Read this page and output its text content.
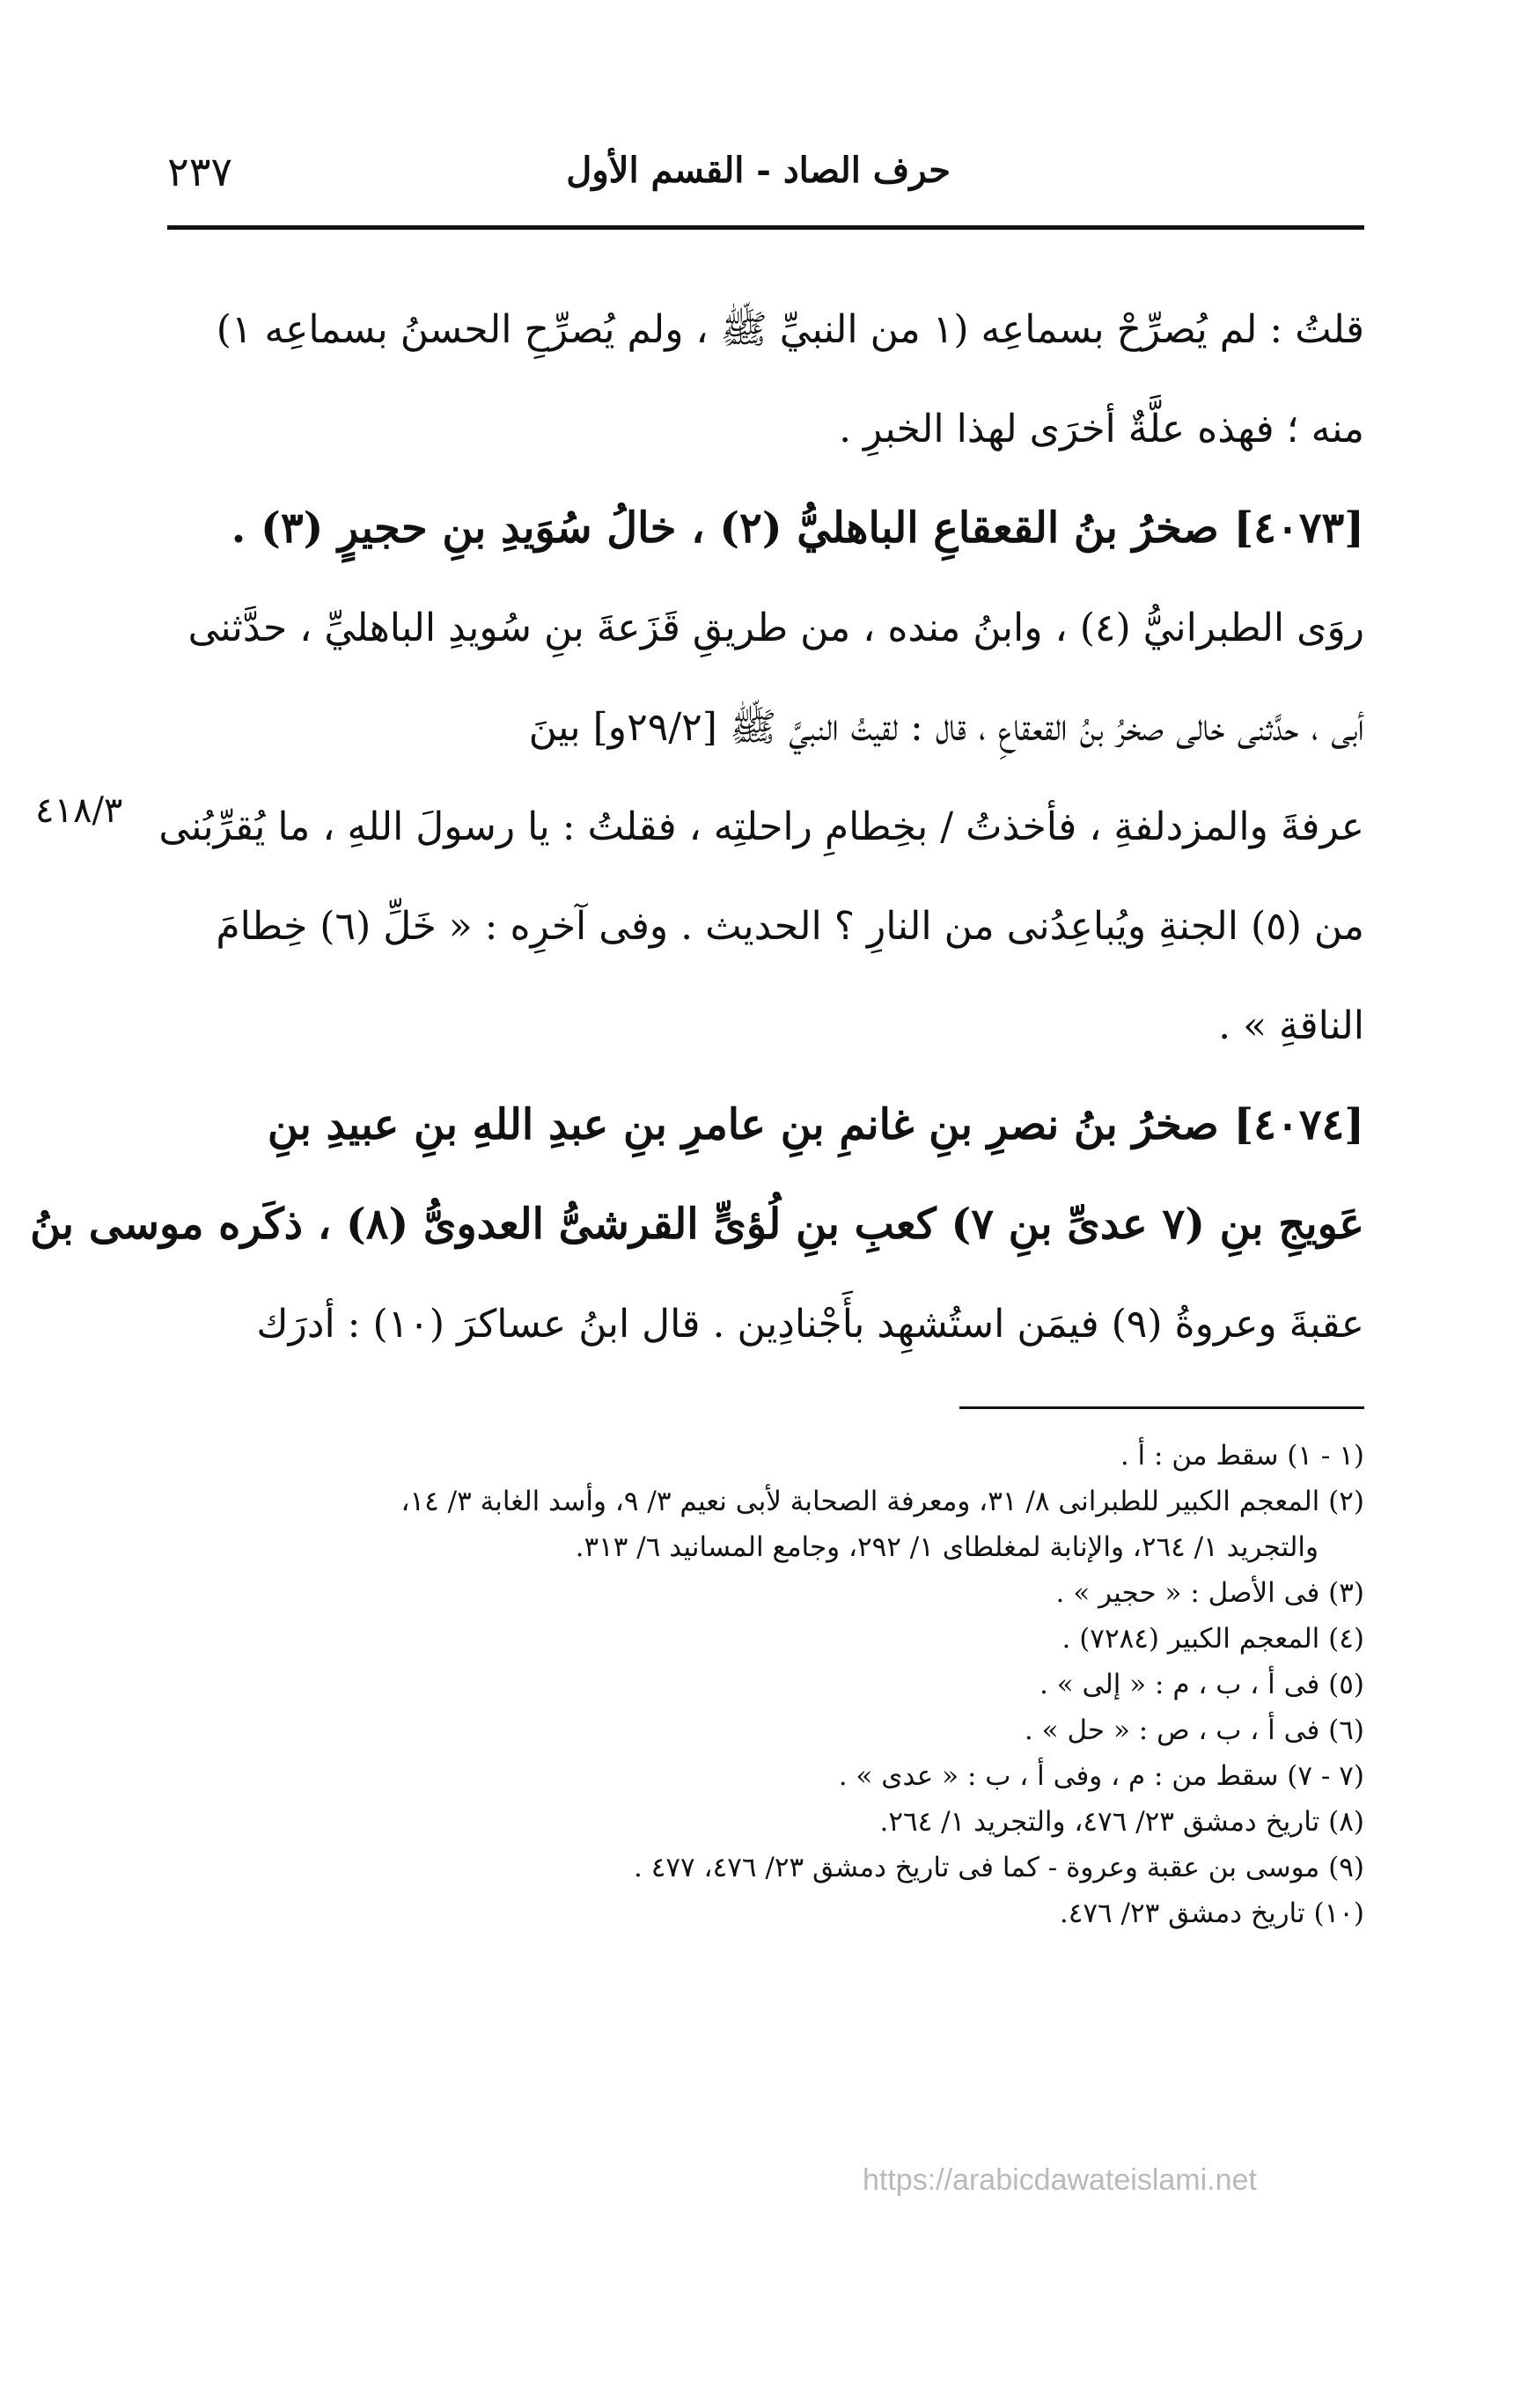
٢٣٧	حرف الصاد - القسم الأول
قلتُ : لم يُصرِّحْ بسماعِه (١ من النبيِّ ﷺ ، ولم يُصرِّحِ الحسنُ بسماعِه ١)
منه ؛ فهذه علَّةٌ أخرَى لهذا الخبرِ .
[٤٠٧٣] صخرُ بنُ القعقاعِ الباهليُّ (٢) ، خالُ سُوَيدِ بنِ حجيرٍ (٣) .
روَى الطبرانيُّ (٤) ، وابنُ منده ، من طريقِ قَزَعةَ بنِ سُويدِ الباهليِّ ، حدَّثنى
أبى ، حدَّثنى خالى صخرُ بنُ القعقاعِ ، قال : لقيتُ النبيَّ ﷺ [٢٩/٢و] بينَ
عرفةَ والمزدلفةِ ، فأخذتُ / بخِطامِ راحلتِه ، فقلتُ : يا رسولَ اللهِ ، ما يُقرِّبُنى
من (٥) الجنةِ ويُباعِدُنى من النارِ ؟ الحديث . وفى آخرِه : « خَلِّ (٦) خِطامَ
الناقةِ » .
[٤٠٧٤] صخرُ بنُ نصرِ بنِ غانمِ بنِ عامرِ بنِ عبدِ اللهِ بنِ عبيدِ بنِ
عَويجِ بنِ (٧ عدىِّ بنِ ٧) كعبِ بنِ لُؤىٍّ القرشىُّ العدوىُّ (٨) ، ذكَره موسى بنُ
عقبةَ وعروةُ (٩) فيمَن استُشهِد بأَجْنادِين . قال ابنُ عساكرَ (١٠) : أدرَك
٤١٨/٣
(١ - ١) سقط من : أ .
(٢) المعجم الكبير للطبرانى ٨/ ٣١، ومعرفة الصحابة لأبى نعيم ٣/ ٩، وأسد الغابة ٣/ ١٤،
والتجريد ١/ ٢٦٤، والإنابة لمغلطاى ١/ ٢٩٢، وجامع المسانيد ٦/ ٣١٣.
(٣) فى الأصل : « حجير » .
(٤) المعجم الكبير (٧٢٨٤) .
(٥) فى أ ، ب ، م : « إلى » .
(٦) فى أ ، ب ، ص : « حل » .
(٧ - ٧) سقط من : م ، وفى أ ، ب : « عدى » .
(٨) تاريخ دمشق ٢٣/ ٤٧٦، والتجريد ١/ ٢٦٤.
(٩) موسى بن عقبة وعروة - كما فى تاريخ دمشق ٢٣/ ٤٧٦، ٤٧٧ .
(١٠) تاريخ دمشق ٢٣/ ٤٧٦.
https://arabicdawateislami.net
